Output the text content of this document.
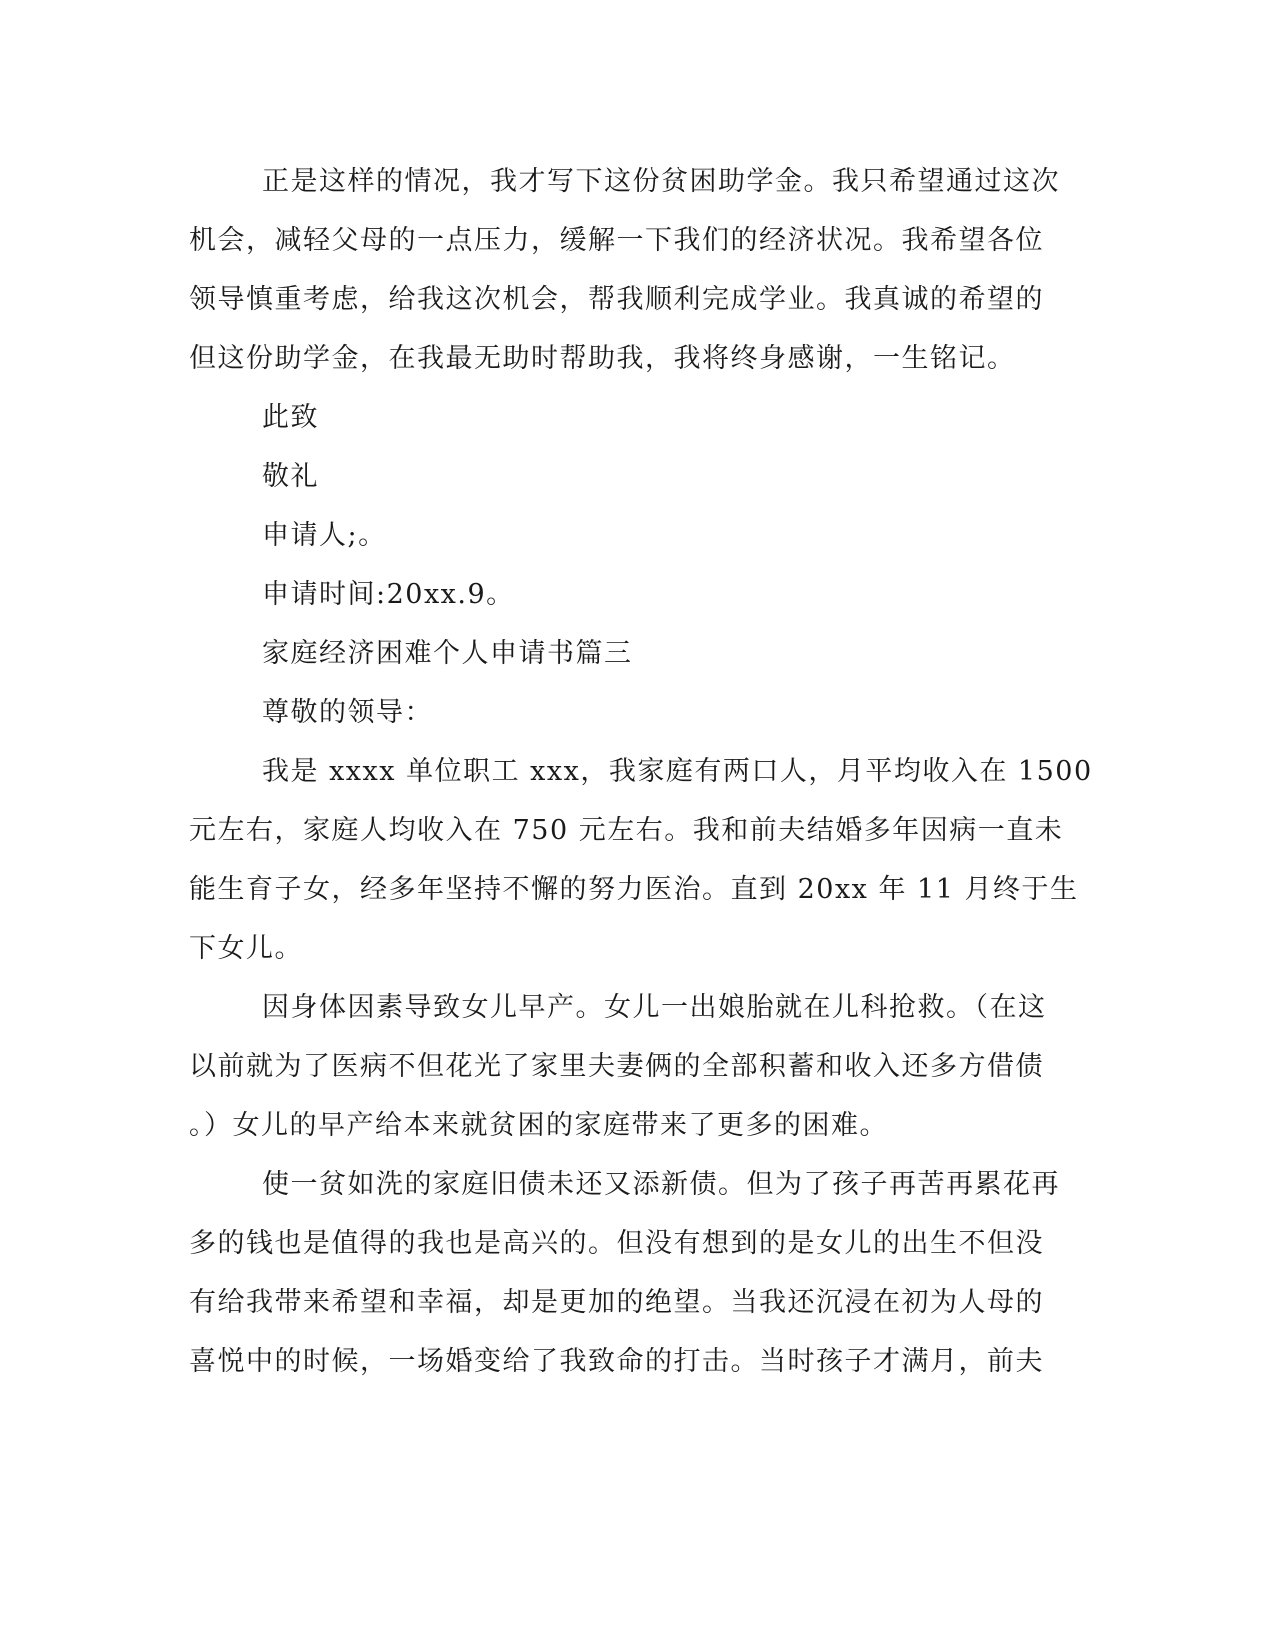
正是这样的情况，我才写下这份贫困助学金。我只希望通过这次
机会，减轻父母的一点压力，缓解一下我们的经济状况。我希望各位
领导慎重考虑，给我这次机会，帮我顺利完成学业。我真诚的希望的
但这份助学金，在我最无助时帮助我，我将终身感谢，一生铭记。
此致
敬礼
申请人;。
申请时间:20xx.9。
家庭经济困难个人申请书篇三
尊敬的领导：
我是 xxxx 单位职工 xxx，我家庭有两口人，月平均收入在 1500
元左右，家庭人均收入在 750 元左右。我和前夫结婚多年因病一直未
能生育子女，经多年坚持不懈的努力医治。直到 20xx 年 11 月终于生
下女儿。
因身体因素导致女儿早产。女儿一出娘胎就在儿科抢救。（在这
以前就为了医病不但花光了家里夫妻俩的全部积蓄和收入还多方借债
。）女儿的早产给本来就贫困的家庭带来了更多的困难。
使一贫如洗的家庭旧债未还又添新债。但为了孩子再苦再累花再
多的钱也是值得的我也是高兴的。但没有想到的是女儿的出生不但没
有给我带来希望和幸福，却是更加的绝望。当我还沉浸在初为人母的
喜悦中的时候，一场婚变给了我致命的打击。当时孩子才满月，前夫
